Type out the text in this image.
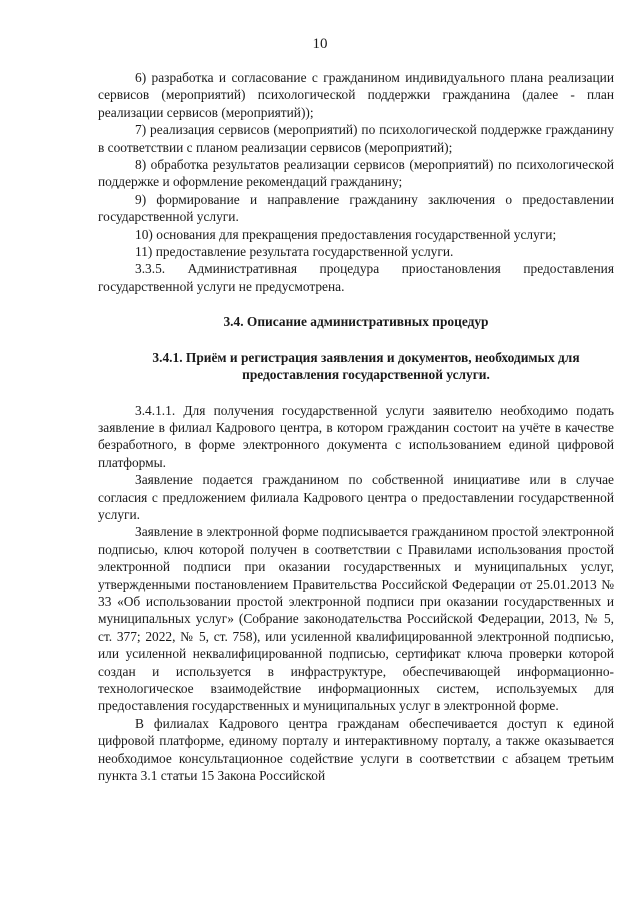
10

6) разработка и согласование с гражданином индивидуального плана реализации сервисов (мероприятий) психологической поддержки гражданина (далее - план реализации сервисов (мероприятий));

7) реализация сервисов (мероприятий) по психологической поддержке гражданину в соответствии с планом реализации сервисов (мероприятий);

8) обработка результатов реализации сервисов (мероприятий) по психологической поддержке и оформление рекомендаций гражданину;

9) формирование и направление гражданину заключения о предоставлении государственной услуги.

10) основания для прекращения предоставления государственной услуги;

11) предоставление результата государственной услуги.

3.3.5. Административная процедура приостановления предоставления государственной услуги не предусмотрена.

3.4. Описание административных процедур

3.4.1. Приём и регистрация заявления и документов, необходимых для предоставления государственной услуги.

3.4.1.1. Для получения государственной услуги заявителю необходимо подать заявление в филиал Кадрового центра, в котором гражданин состоит на учёте в качестве безработного, в форме электронного документа с использованием единой цифровой платформы.

Заявление подается гражданином по собственной инициативе или в случае согласия с предложением филиала Кадрового центра о предоставлении государственной услуги.

Заявление в электронной форме подписывается гражданином простой электронной подписью, ключ которой получен в соответствии с Правилами использования простой электронной подписи при оказании государственных и муниципальных услуг, утвержденными постановлением Правительства Российской Федерации от 25.01.2013 № 33 «Об использовании простой электронной подписи при оказании государственных и муниципальных услуг» (Собрание законодательства Российской Федерации, 2013, № 5, ст. 377; 2022, № 5, ст. 758), или усиленной квалифицированной электронной подписью, или усиленной неквалифицированной подписью, сертификат ключа проверки которой создан и используется в инфраструктуре, обеспечивающей информационно-технологическое взаимодействие информационных систем, используемых для предоставления государственных и муниципальных услуг в электронной форме.

В филиалах Кадрового центра гражданам обеспечивается доступ к единой цифровой платформе, единому порталу и интерактивному порталу, а также оказывается необходимое консультационное содействие услуги в соответствии с абзацем третьим пункта 3.1 статьи 15 Закона Российской
